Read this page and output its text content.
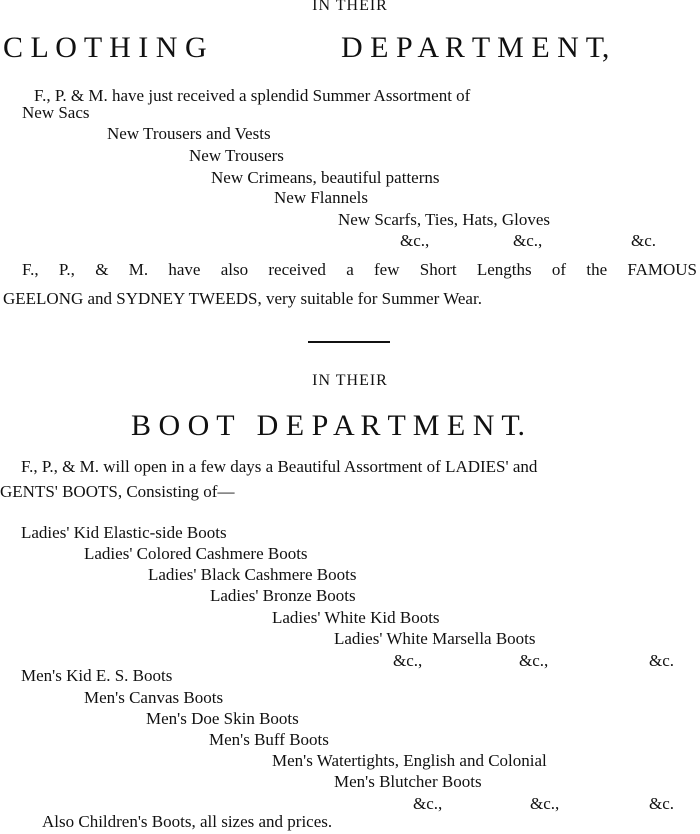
IN THEIR
C L O T H I N G	D E P A R T M E N T,
F., P. & M. have just received a splendid Summer Assortment of
New Sacs
New Trousers and Vests
New Trousers
New Crimeans, beautiful patterns
New Flannels
New Scarfs, Ties, Hats, Gloves
&c.,	&c.,	&c.
F., P., & M. have also received a few Short Lengths of the FAMOUS
GEELONG and SYDNEY TWEEDS, very suitable for Summer Wear.
IN THEIR
B O O T   D E P A R T M E N T.
F., P., & M. will open in a few days a Beautiful Assortment of LADIES' and
GENTS' BOOTS, Consisting of—
Ladies' Kid Elastic-side Boots
Ladies' Colored Cashmere Boots
Ladies' Black Cashmere Boots
Ladies' Bronze Boots
Ladies' White Kid Boots
Ladies' White Marsella Boots
&c.,	&c.,	&c.
Men's Kid E. S. Boots
Men's Canvas Boots
Men's Doe Skin Boots
Men's Buff Boots
Men's Watertights, English and Colonial
Men's Blutcher Boots
&c.,	&c.,	&c.
Also Children's Boots, all sizes and prices.
